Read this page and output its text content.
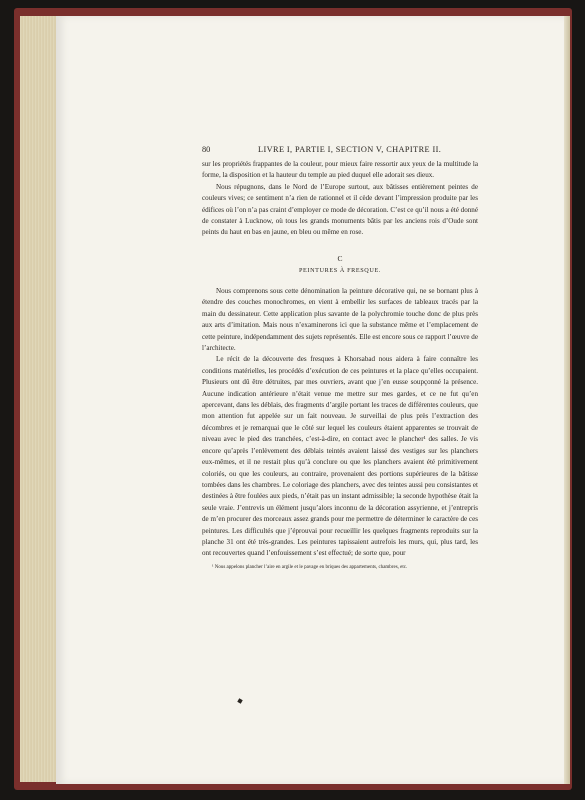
80	LIVRE I, PARTIE I, SECTION V, CHAPITRE II.

sur les propriétés frappantes de la couleur, pour mieux faire ressortir aux yeux de la multitude la forme, la disposition et la hauteur du temple au pied duquel elle adorait ses dieux.

Nous répugnons, dans le Nord de l’Europe surtout, aux bâtisses entièrement peintes de couleurs vives; ce sentiment n’a rien de rationnel et il cède devant l’impression produite par les édifices où l’on n’a pas craint d’employer ce mode de décoration. C’est ce qu’il nous a été donné de constater à Lucknow, où tous les grands monuments bâtis par les anciens rois d’Oude sont peints du haut en bas en jaune, en bleu ou même en rose.

C
PEINTURES À FRESQUE.

Nous comprenons sous cette dénomination la peinture décorative qui, ne se bornant plus à étendre des couches monochromes, en vient à embellir les surfaces de tableaux tracés par la main du dessinateur. Cette application plus savante de la polychromie touche donc de plus près aux arts d’imitation. Mais nous n’examinerons ici que la substance même et l’emplacement de cette peinture, indépendamment des sujets représentés. Elle est encore sous ce rapport l’œuvre de l’architecte.

Le récit de la découverte des fresques à Khorsabad nous aidera à faire connaître les conditions matérielles, les procédés d’exécution de ces peintures et la place qu’elles occupaient. Plusieurs ont dû être détruites, par mes ouvriers, avant que j’en eusse soupçonné la présence. Aucune indication antérieure n’était venue me mettre sur mes gardes, et ce ne fut qu’en apercevant, dans les déblais, des fragments d’argile portant les traces de différentes couleurs, que mon attention fut appelée sur un fait nouveau. Je surveillai de plus près l’extraction des décombres et je remarquai que le côté sur lequel les couleurs étaient apparentes se trouvait de niveau avec le pied des tranchées, c’est-à-dire, en contact avec le plancher¹ des salles. Je vis encore qu’après l’enlèvement des déblais teintés avaient laissé des vestiges sur les planchers eux-mêmes, et il ne restait plus qu’à conclure ou que les planchers avaient été primitivement coloriés, ou que les couleurs, au contraire, provenaient des portions supérieures de la bâtisse tombées dans les chambres. Le coloriage des planchers, avec des teintes aussi peu consistantes et destinées à être foulées aux pieds, n’était pas un instant admissible; la seconde hypothèse était la seule vraie. J’entrevis un élément jusqu’alors inconnu de la décoration assyrienne, et j’entrepris de m’en procurer des morceaux assez grands pour me permettre de déterminer le caractère de ces peintures. Les difficultés que j’éprouvai pour recueillir les quelques fragments reproduits sur la planche 31 ont été très-grandes. Les peintures tapissaient autrefois les murs, qui, plus tard, les ont recouvertes quand l’enfouissement s’est effectué; de sorte que, pour

¹ Nous appelons plancher l’aire en argile et le pavage en briques des appartements, chambres, etc.
